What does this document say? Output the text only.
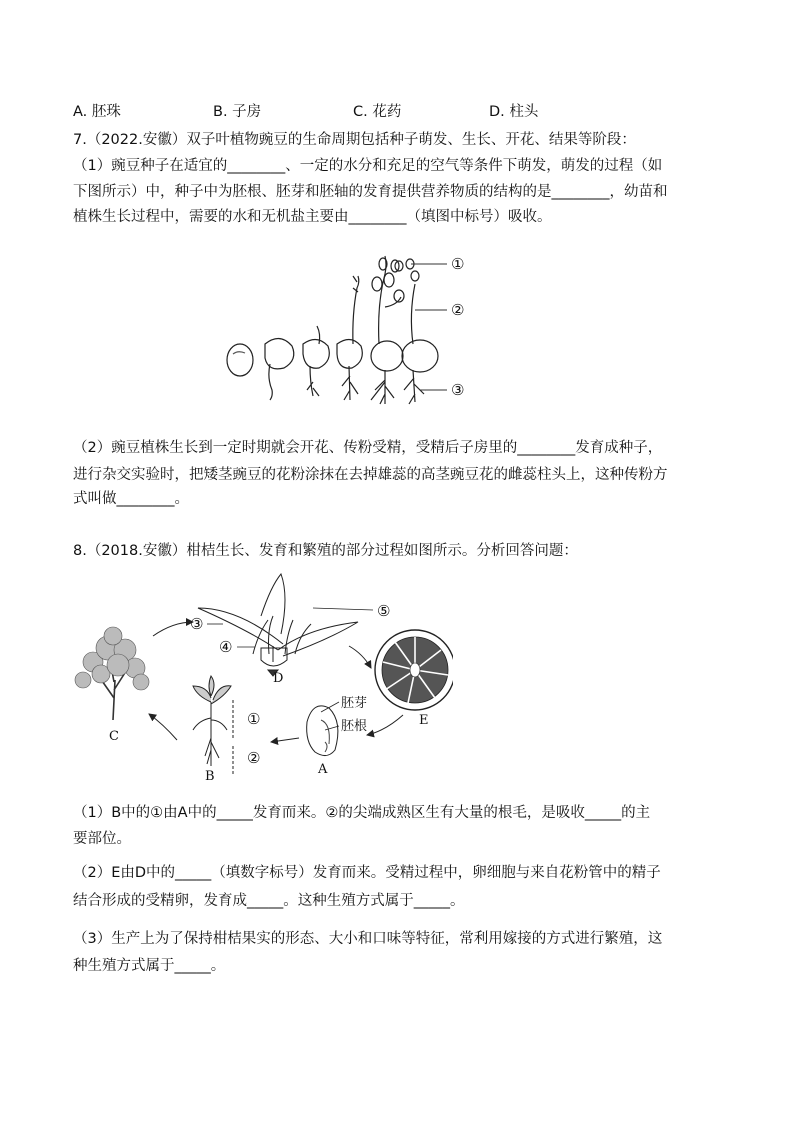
A. 胚珠	B. 子房	C. 花药	D. 柱头
7.（2022.安徽）双子叶植物豌豆的生命周期包括种子萌发、生长、开花、结果等阶段：
（1）豌豆种子在适宜的________、一定的水分和充足的空气等条件下萌发，萌发的过程（如
下图所示）中，种子中为胚根、胚芽和胚轴的发育提供营养物质的结构的是________，幼苗和
植株生长过程中，需要的水和无机盐主要由________（填图中标号）吸收。
①
②
③
（2）豌豆植株生长到一定时期就会开花、传粉受精，受精后子房里的________发育成种子，
进行杂交实验时，把矮茎豌豆的花粉涂抹在去掉雄蕊的高茎豌豆花的雌蕊柱头上，这种传粉方
式叫做________。
8.（2018.安徽）柑桔生长、发育和繁殖的部分过程如图所示。分析回答问题：
C
③
④
D
⑤
E
胚芽
胚根
A
①
②
B
（1）B中的①由A中的_____发育而来。②的尖端成熟区生有大量的根毛，是吸收_____的主
要部位。
（2）E由D中的_____（填数字标号）发育而来。受精过程中，卵细胞与来自花粉管中的精子
结合形成的受精卵，发育成_____。这种生殖方式属于_____。
（3）生产上为了保持柑桔果实的形态、大小和口味等特征，常利用嫁接的方式进行繁殖，这
种生殖方式属于_____。
